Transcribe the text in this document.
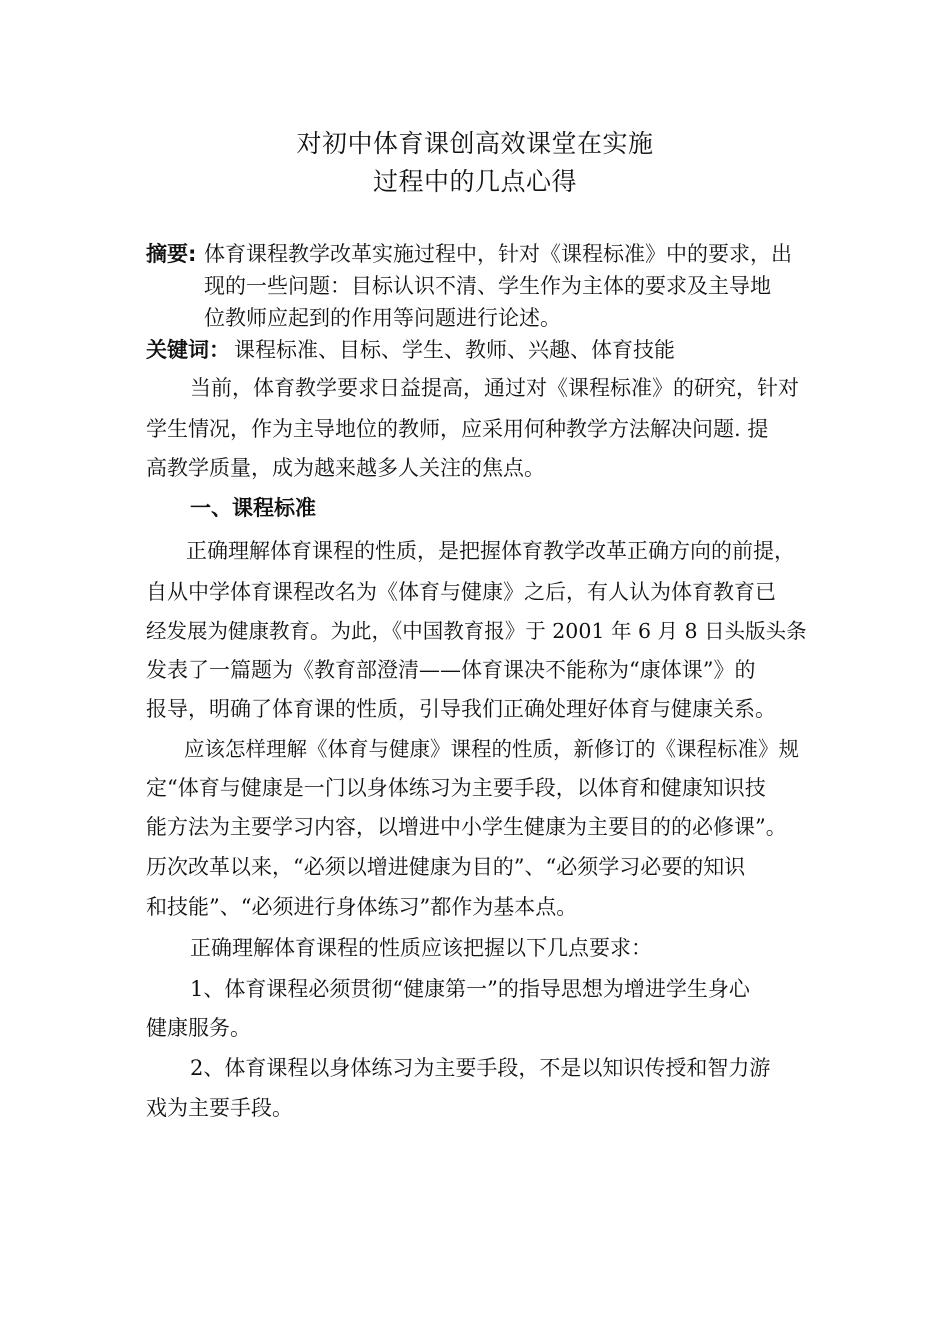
对初中体育课创高效课堂在实施
过程中的几点心得
摘要: 体育课程教学改革实施过程中，针对《课程标准》中的要求，出
现的一些问题：目标认识不清、学生作为主体的要求及主导地
位教师应起到的作用等问题进行论述。
关键词： 课程标准、目标、学生、教师、兴趣、体育技能
当前，体育教学要求日益提高，通过对《课程标准》的研究，针对
学生情况，作为主导地位的教师，应采用何种教学方法解决问题. 提
高教学质量，成为越来越多人关注的焦点。
一、课程标准
正确理解体育课程的性质，是把握体育教学改革正确方向的前提，
自从中学体育课程改名为《体育与健康》之后，有人认为体育教育已
经发展为健康教育。为此，《中国教育报》于 2001 年 6 月 8 日头版头条
发表了一篇题为《教育部澄清——体育课决不能称为“康体课”》的
报导，明确了体育课的性质，引导我们正确处理好体育与健康关系。
应该怎样理解《体育与健康》课程的性质，新修订的《课程标准》规
定“体育与健康是一门以身体练习为主要手段，以体育和健康知识技
能方法为主要学习内容，以增进中小学生健康为主要目的的必修课”。
历次改革以来，“必须以增进健康为目的”、“必须学习必要的知识
和技能”、“必须进行身体练习”都作为基本点。
正确理解体育课程的性质应该把握以下几点要求：
1、体育课程必须贯彻“健康第一”的指导思想为增进学生身心
健康服务。
2、体育课程以身体练习为主要手段，不是以知识传授和智力游
戏为主要手段。
